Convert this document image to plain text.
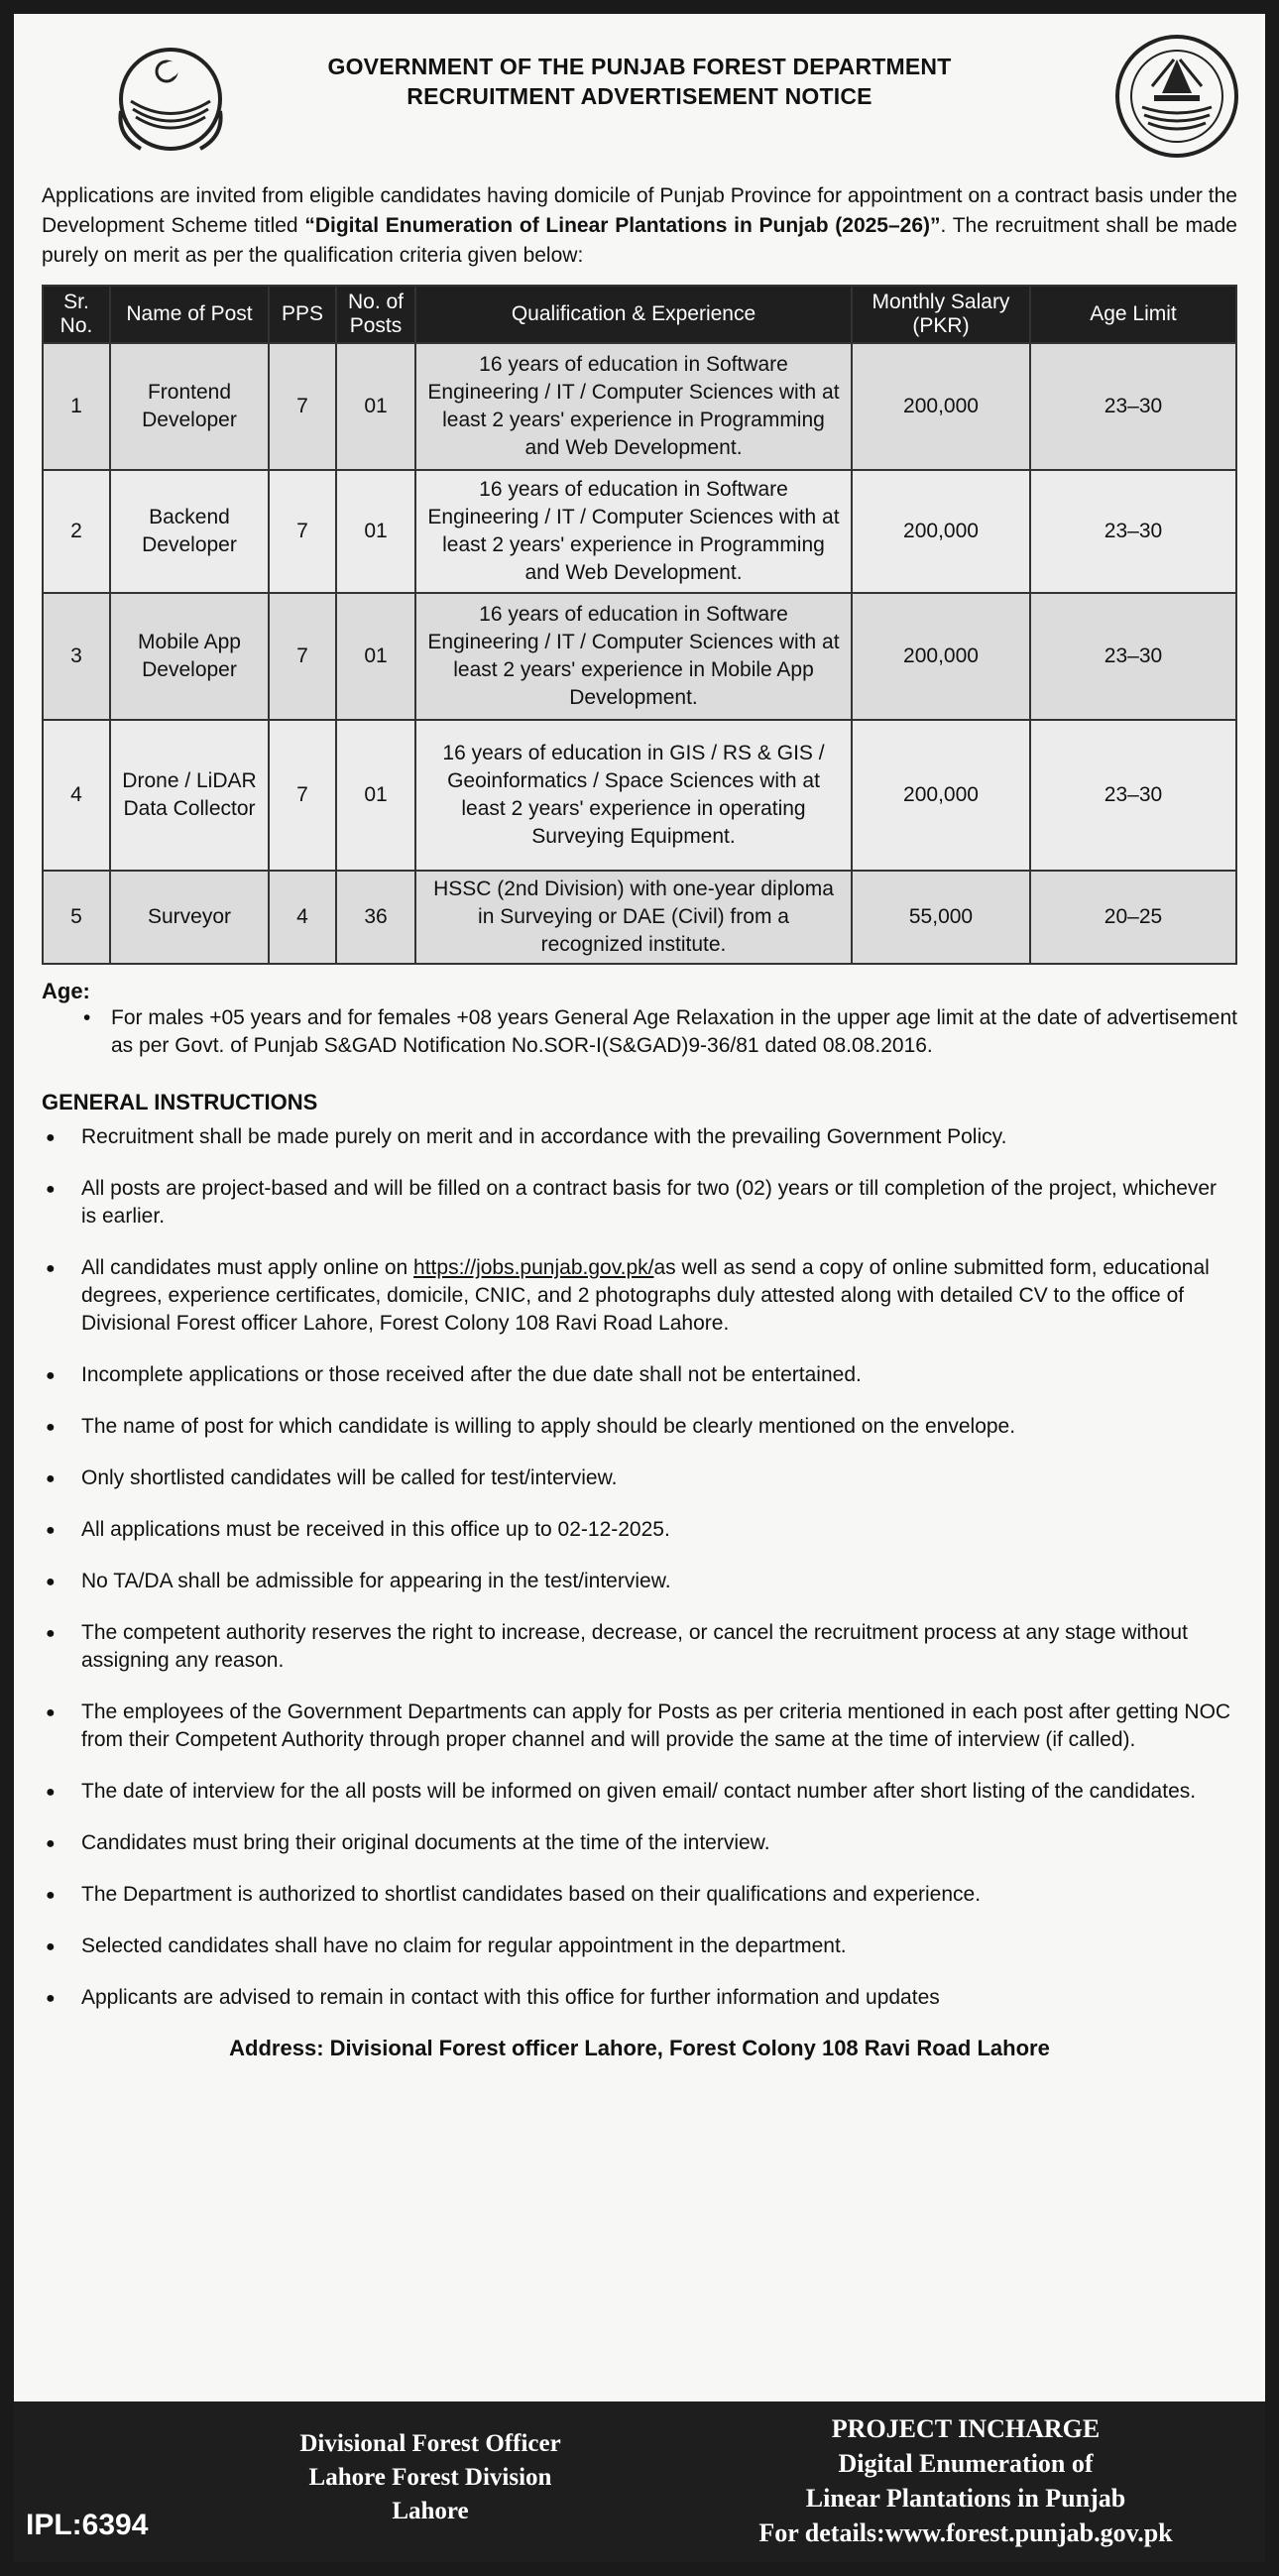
GOVERNMENT OF THE PUNJAB FOREST DEPARTMENT
RECRUITMENT ADVERTISEMENT NOTICE

Applications are invited from eligible candidates having domicile of Punjab Province for appointment on a contract basis under the Development Scheme titled “Digital Enumeration of Linear Plantations in Punjab (2025–26)”. The recruitment shall be made purely on merit as per the qualification criteria given below:

Sr. No.	Name of Post	PPS	No. of Posts	Qualification & Experience	Monthly Salary (PKR)	Age Limit
1	Frontend Developer	7	01	16 years of education in Software Engineering / IT / Computer Sciences with at least 2 years' experience in Programming and Web Development.	200,000	23–30
2	Backend Developer	7	01	16 years of education in Software Engineering / IT / Computer Sciences with at least 2 years' experience in Programming and Web Development.	200,000	23–30
3	Mobile App Developer	7	01	16 years of education in Software Engineering / IT / Computer Sciences with at least 2 years' experience in Mobile App Development.	200,000	23–30
4	Drone / LiDAR Data Collector	7	01	16 years of education in GIS / RS & GIS / Geoinformatics / Space Sciences with at least 2 years' experience in operating Surveying Equipment.	200,000	23–30
5	Surveyor	4	36	HSSC (2nd Division) with one-year diploma in Surveying or DAE (Civil) from a recognized institute.	55,000	20–25
Age:
• For males +05 years and for females +08 years General Age Relaxation in the upper age limit at the date of advertisement as per Govt. of Punjab S&GAD Notification No.SOR-I(S&GAD)9-36/81 dated 08.08.2016.
GENERAL INSTRUCTIONS
● Recruitment shall be made purely on merit and in accordance with the prevailing Government Policy.
● All posts are project-based and will be filled on a contract basis for two (02) years or till completion of the project, whichever is earlier.
● All candidates must apply online on https://jobs.punjab.gov.pk/as well as send a copy of online submitted form, educational degrees, experience certificates, domicile, CNIC, and 2 photographs duly attested along with detailed CV to the office of Divisional Forest officer Lahore, Forest Colony 108 Ravi Road Lahore.
● Incomplete applications or those received after the due date shall not be entertained.
● The name of post for which candidate is willing to apply should be clearly mentioned on the envelope.
● Only shortlisted candidates will be called for test/interview.
● All applications must be received in this office up to 02-12-2025.
● No TA/DA shall be admissible for appearing in the test/interview.
● The competent authority reserves the right to increase, decrease, or cancel the recruitment process at any stage without assigning any reason.
● The employees of the Government Departments can apply for Posts as per criteria mentioned in each post after getting NOC from their Competent Authority through proper channel and will provide the same at the time of interview (if called).
● The date of interview for the all posts will be informed on given email/ contact number after short listing of the candidates.
● Candidates must bring their original documents at the time of the interview.
● The Department is authorized to shortlist candidates based on their qualifications and experience.
● Selected candidates shall have no claim for regular appointment in the department.
● Applicants are advised to remain in contact with this office for further information and updates
Address: Divisional Forest officer Lahore, Forest Colony 108 Ravi Road Lahore
Divisional Forest Officer
Lahore Forest Division
Lahore
PROJECT INCHARGE
Digital Enumeration of
Linear Plantations in Punjab
For details:www.forest.punjab.gov.pk
IPL:6394
